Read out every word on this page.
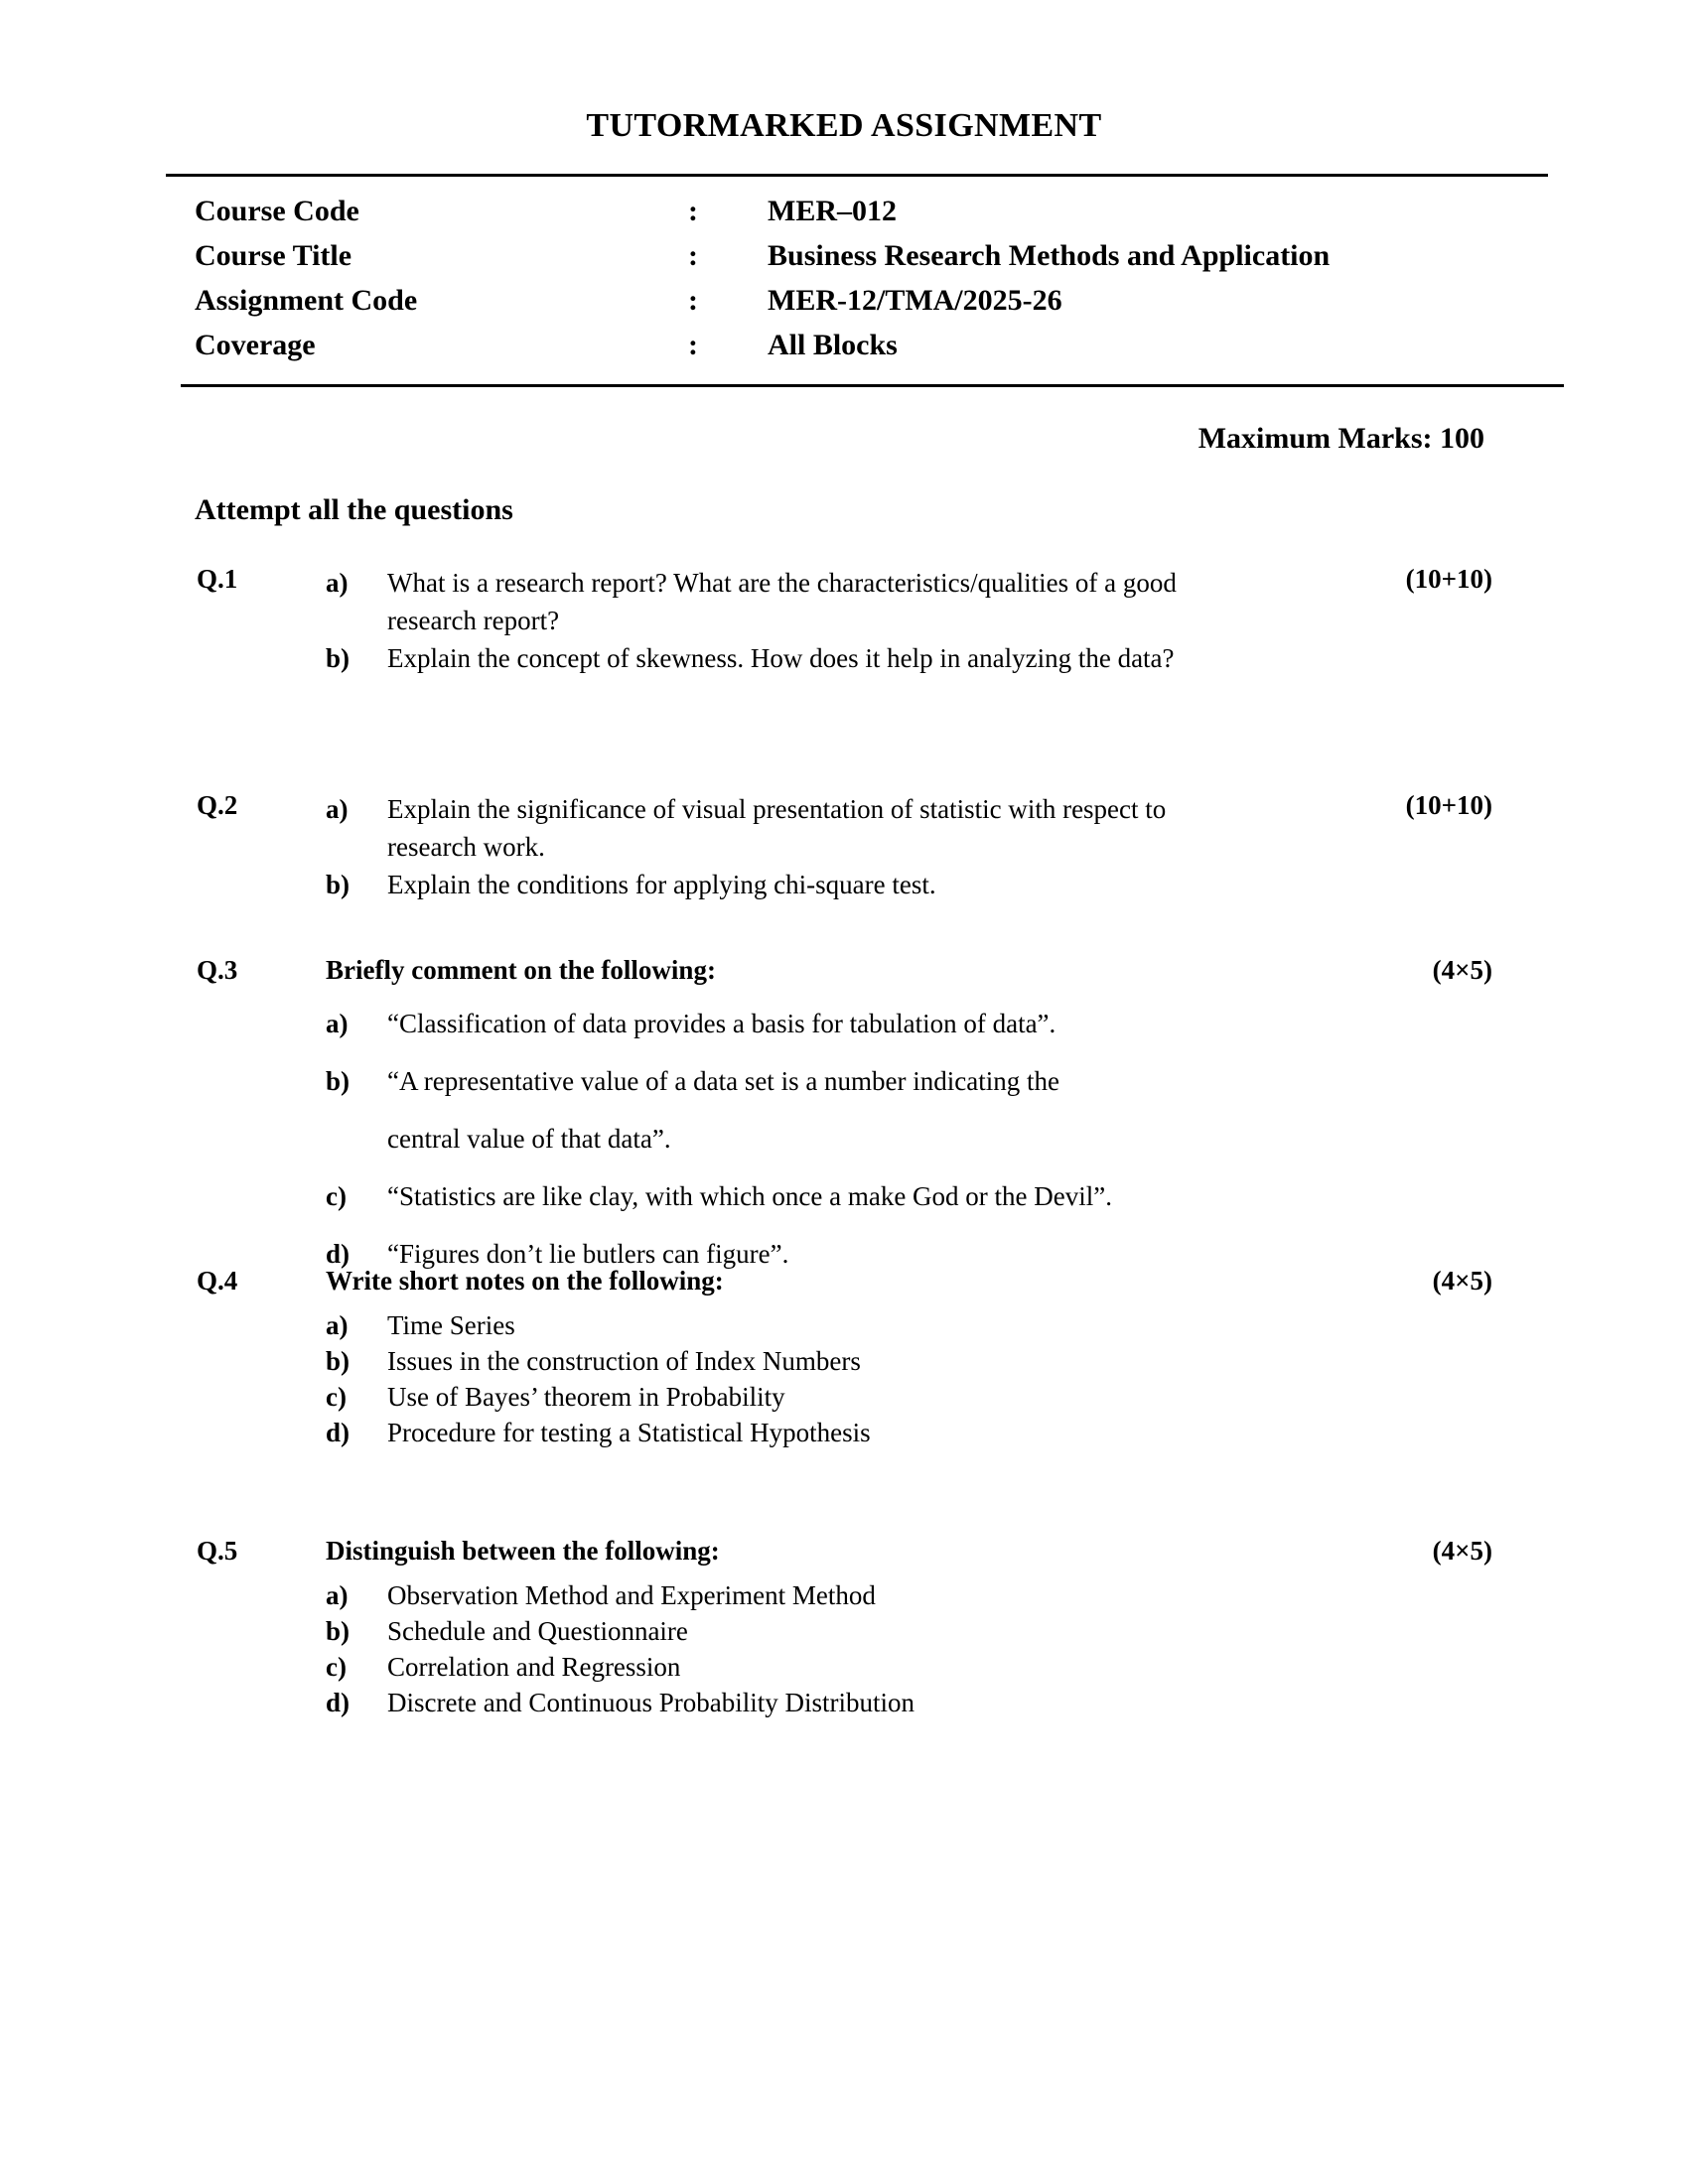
TUTORMARKED ASSIGNMENT
Course Code	:	MER–012
Course Title	:	Business Research Methods and Application
Assignment Code	:	MER-12/TMA/2025-26
Coverage	:	All Blocks
Maximum Marks: 100
Attempt all the questions
Q.1	(10+10)
a) What is a research report? What are the characteristics/qualities of a good research report?
b) Explain the concept of skewness. How does it help in analyzing the data?
Q.2	(10+10)
a) Explain the significance of visual presentation of statistic with respect to research work.
b) Explain the conditions for applying chi-square test.
Q.3	Briefly comment on the following:	(4×5)
a) “Classification of data provides a basis for tabulation of data”.
b) “A representative value of a data set is a number indicating the central value of that data”.
c) “Statistics are like clay, with which once a make God or the Devil”.
d) “Figures don’t lie butlers can figure”.
Q.4	Write short notes on the following:	(4×5)
a) Time Series
b) Issues in the construction of Index Numbers
c) Use of Bayes’ theorem in Probability
d) Procedure for testing a Statistical Hypothesis
Q.5	Distinguish between the following:	(4×5)
a) Observation Method and Experiment Method
b) Schedule and Questionnaire
c) Correlation and Regression
d) Discrete and Continuous Probability Distribution
